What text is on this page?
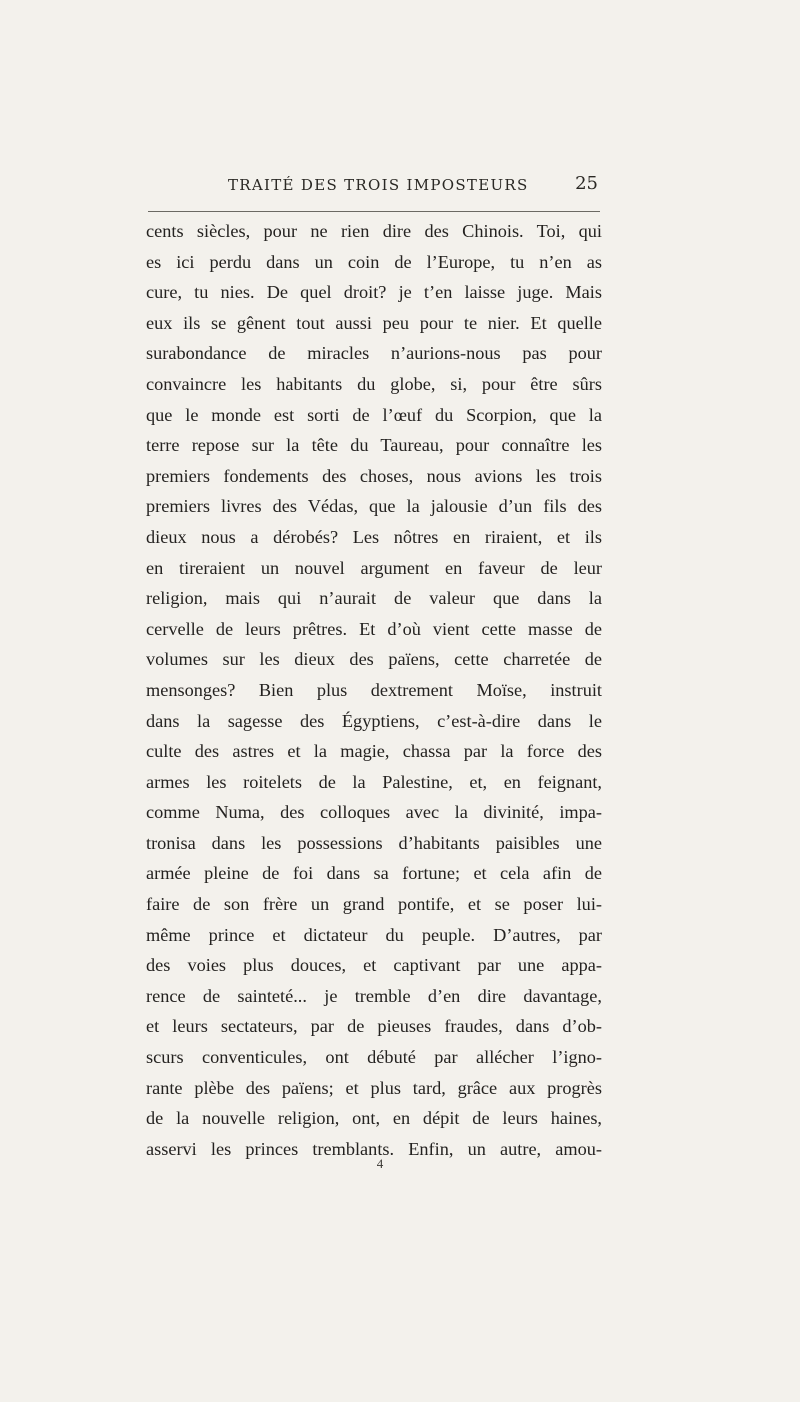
TRAITÉ DES TROIS IMPOSTEURS	25
cents siècles, pour ne rien dire des Chinois. Toi, qui
es ici perdu dans un coin de l’Europe, tu n’en as
cure, tu nies. De quel droit? je t’en laisse juge. Mais
eux ils se gênent tout aussi peu pour te nier. Et quelle
surabondance de miracles n’aurions-nous pas pour
convaincre les habitants du globe, si, pour être sûrs
que le monde est sorti de l’œuf du Scorpion, que la
terre repose sur la tête du Taureau, pour connaître les
premiers fondements des choses, nous avions les trois
premiers livres des Védas, que la jalousie d’un fils des
dieux nous a dérobés? Les nôtres en riraient, et ils
en tireraient un nouvel argument en faveur de leur
religion, mais qui n’aurait de valeur que dans la
cervelle de leurs prêtres. Et d’où vient cette masse de
volumes sur les dieux des païens, cette charretée de
mensonges? Bien plus dextrement Moïse, instruit
dans la sagesse des Égyptiens, c’est-à-dire dans le
culte des astres et la magie, chassa par la force des
armes les roitelets de la Palestine, et, en feignant,
comme Numa, des colloques avec la divinité, impa-
tronisa dans les possessions d’habitants paisibles une
armée pleine de foi dans sa fortune; et cela afin de
faire de son frère un grand pontife, et se poser lui-
même prince et dictateur du peuple. D’autres, par
des voies plus douces, et captivant par une appa-
rence de sainteté... je tremble d’en dire davantage,
et leurs sectateurs, par de pieuses fraudes, dans d’ob-
scurs conventicules, ont débuté par allécher l’igno-
rante plèbe des païens; et plus tard, grâce aux progrès
de la nouvelle religion, ont, en dépit de leurs haines,
asservi les princes tremblants. Enfin, un autre, amou-
4
